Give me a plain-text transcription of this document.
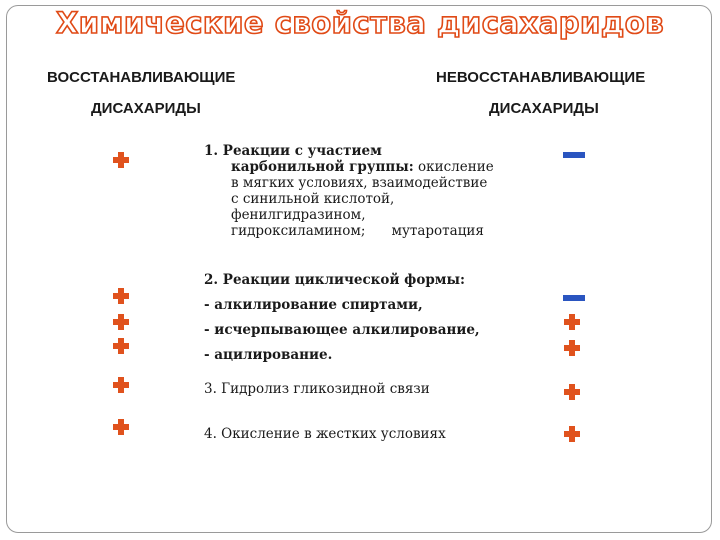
Химические свойства дисахаридов
ВОССТАНАВЛИВАЮЩИЕ
ДИСАХАРИДЫ
НЕВОССТАНАВЛИВАЮЩИЕ
ДИСАХАРИДЫ
1. Реакции с участием
карбонильной группы: окисление
в мягких условиях, взаимодействие
с синильной кислотой,
фенилгидразином,
гидроксиламином; мутаротация
2. Реакции циклической формы:
- алкилирование спиртами,
- исчерпывающее алкилирование,
- ацилирование.
3. Гидролиз гликозидной связи
4. Окисление в жестких условиях
